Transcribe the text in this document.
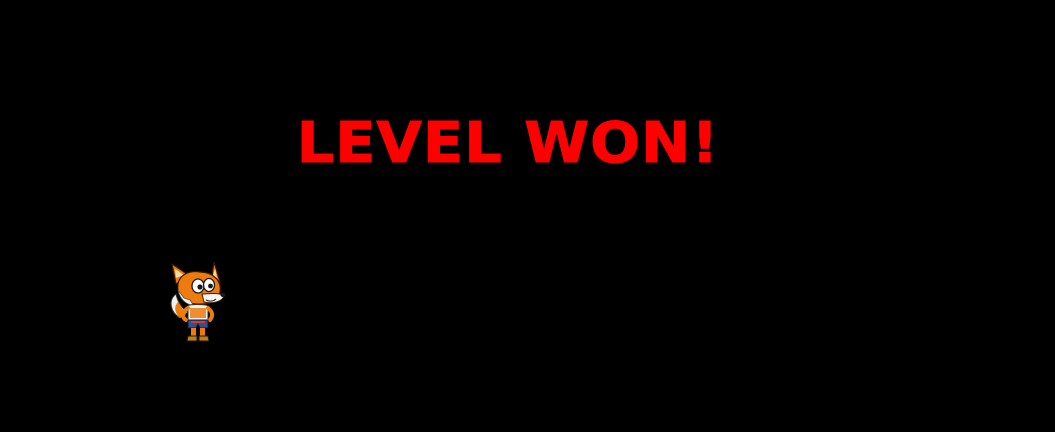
LEVEL WON!
